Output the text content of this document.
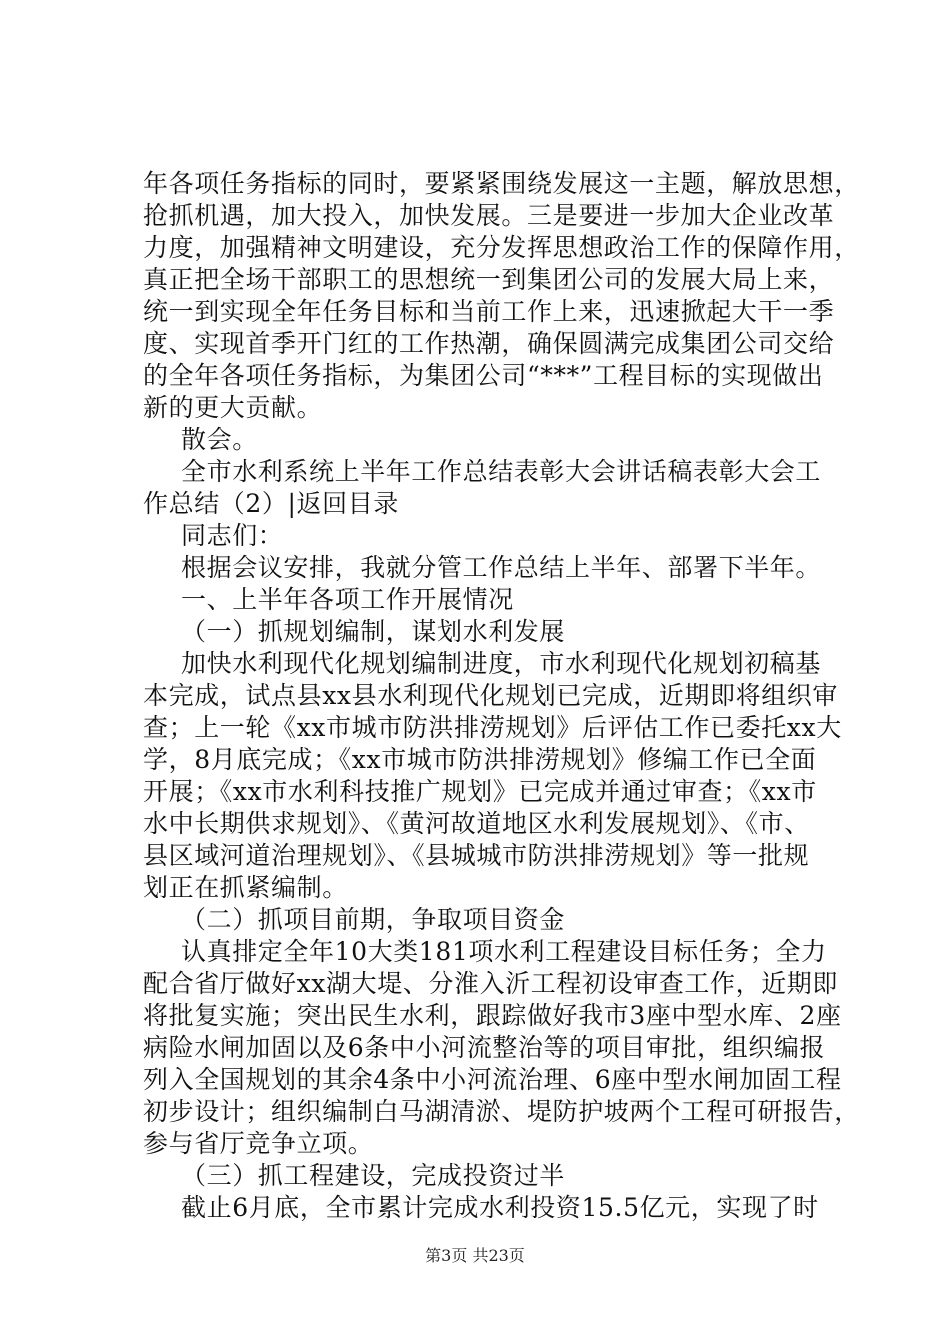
年各项任务指标的同时，要紧紧围绕发展这一主题，解放思想，
抢抓机遇，加大投入，加快发展。三是要进一步加大企业改革
力度，加强精神文明建设，充分发挥思想政治工作的保障作用，
真正把全场干部职工的思想统一到集团公司的发展大局上来，
统一到实现全年任务目标和当前工作上来，迅速掀起大干一季
度、实现首季开门红的工作热潮，确保圆满完成集团公司交给
的全年各项任务指标，为集团公司“***”工程目标的实现做出
新的更大贡献。
散会。
全市水利系统上半年工作总结表彰大会讲话稿表彰大会工
作总结（2）|返回目录
同志们：
根据会议安排，我就分管工作总结上半年、部署下半年。
一、上半年各项工作开展情况
（一）抓规划编制，谋划水利发展
加快水利现代化规划编制进度，市水利现代化规划初稿基
本完成，试点县xx县水利现代化规划已完成，近期即将组织审
查；上一轮《xx市城市防洪排涝规划》后评估工作已委托xx大
学，8月底完成；《xx市城市防洪排涝规划》修编工作已全面
开展；《xx市水利科技推广规划》已完成并通过审查；《xx市
水中长期供求规划》、《黄河故道地区水利发展规划》、《市、
县区域河道治理规划》、《县城城市防洪排涝规划》等一批规
划正在抓紧编制。
（二）抓项目前期，争取项目资金
认真排定全年10大类181项水利工程建设目标任务；全力
配合省厅做好xx湖大堤、分淮入沂工程初设审查工作，近期即
将批复实施；突出民生水利，跟踪做好我市3座中型水库、2座
病险水闸加固以及6条中小河流整治等的项目审批，组织编报
列入全国规划的其余4条中小河流治理、6座中型水闸加固工程
初步设计；组织编制白马湖清淤、堤防护坡两个工程可研报告，
参与省厅竞争立项。
（三）抓工程建设，完成投资过半
截止6月底，全市累计完成水利投资15.5亿元，实现了时
第3页 共23页
